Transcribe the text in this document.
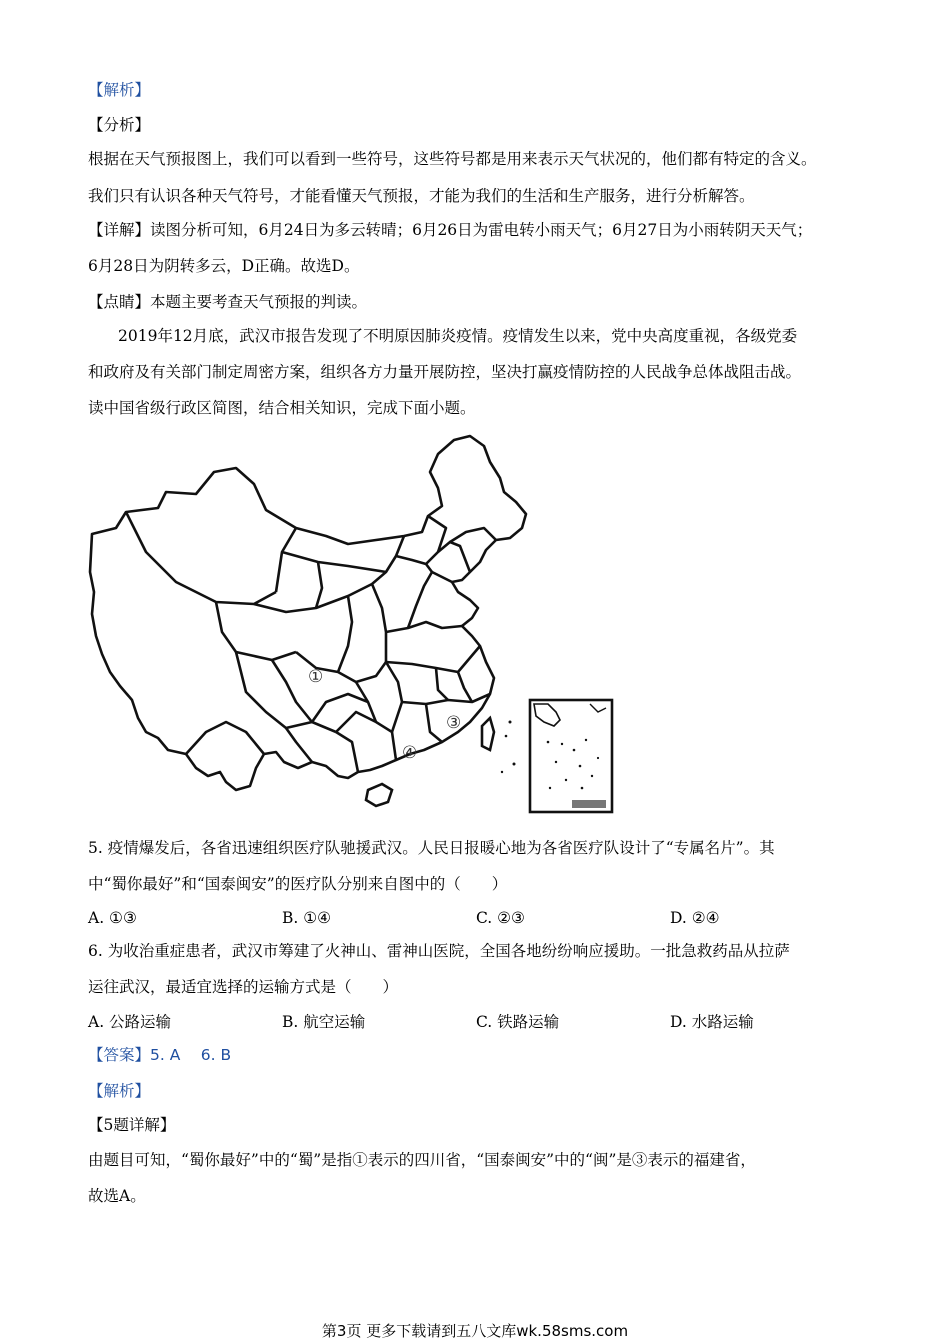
【解析】
【分析】
根据在天气预报图上，我们可以看到一些符号，这些符号都是用来表示天气状况的，他们都有特定的含义。
我们只有认识各种天气符号，才能看懂天气预报，才能为我们的生活和生产服务，进行分析解答。
【详解】读图分析可知，6月24日为多云转晴；6月26日为雷电转小雨天气；6月27日为小雨转阴天天气；
6月28日为阴转多云，D正确。故选D。
【点睛】本题主要考查天气预报的判读。
2019年12月底，武汉市报告发现了不明原因肺炎疫情。疫情发生以来，党中央高度重视，各级党委
和政府及有关部门制定周密方案，组织各方力量开展防控，坚决打赢疫情防控的人民战争总体战阻击战。
读中国省级行政区简图，结合相关知识，完成下面小题。
①
③
④
5. 疫情爆发后，各省迅速组织医疗队驰援武汉。人民日报暖心地为各省医疗队设计了“专属名片”。其
中“蜀你最好”和“国泰闽安”的医疗队分别来自图中的（　　）
A. ①③	B. ①④	C. ②③	D. ②④
6. 为收治重症患者，武汉市筹建了火神山、雷神山医院，全国各地纷纷响应援助。一批急救药品从拉萨
运往武汉，最适宜选择的运输方式是（　　）
A. 公路运输	B. 航空运输	C. 铁路运输	D. 水路运输
【答案】5. A　 6. B
【解析】
【5题详解】
由题目可知，“蜀你最好”中的“蜀”是指①表示的四川省，“国泰闽安”中的“闽”是③表示的福建省，
故选A。
第3页 更多下载请到五八文库wk.58sms.com
